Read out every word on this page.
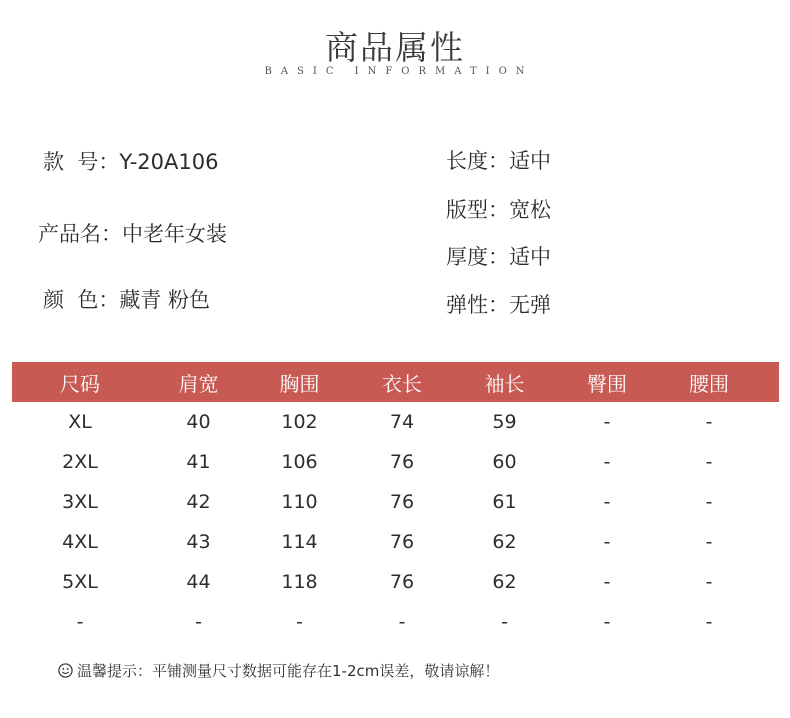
商品属性
BASIC INFORMATION
款  号：Y-20A106
产品名：中老年女装
颜  色：藏青 粉色
长度：适中
版型：宽松
厚度：适中
弹性：无弹
尺码	肩宽	胸围	衣长	袖长	臀围	腰围
XL	40	102	74	59	-	-
2XL	41	106	76	60	-	-
3XL	42	110	76	61	-	-
4XL	43	114	76	62	-	-
5XL	44	118	76	62	-	-
-	-	-	-	-	-	-
温馨提示：平铺测量尺寸数据可能存在1-2cm误差，敬请谅解！
